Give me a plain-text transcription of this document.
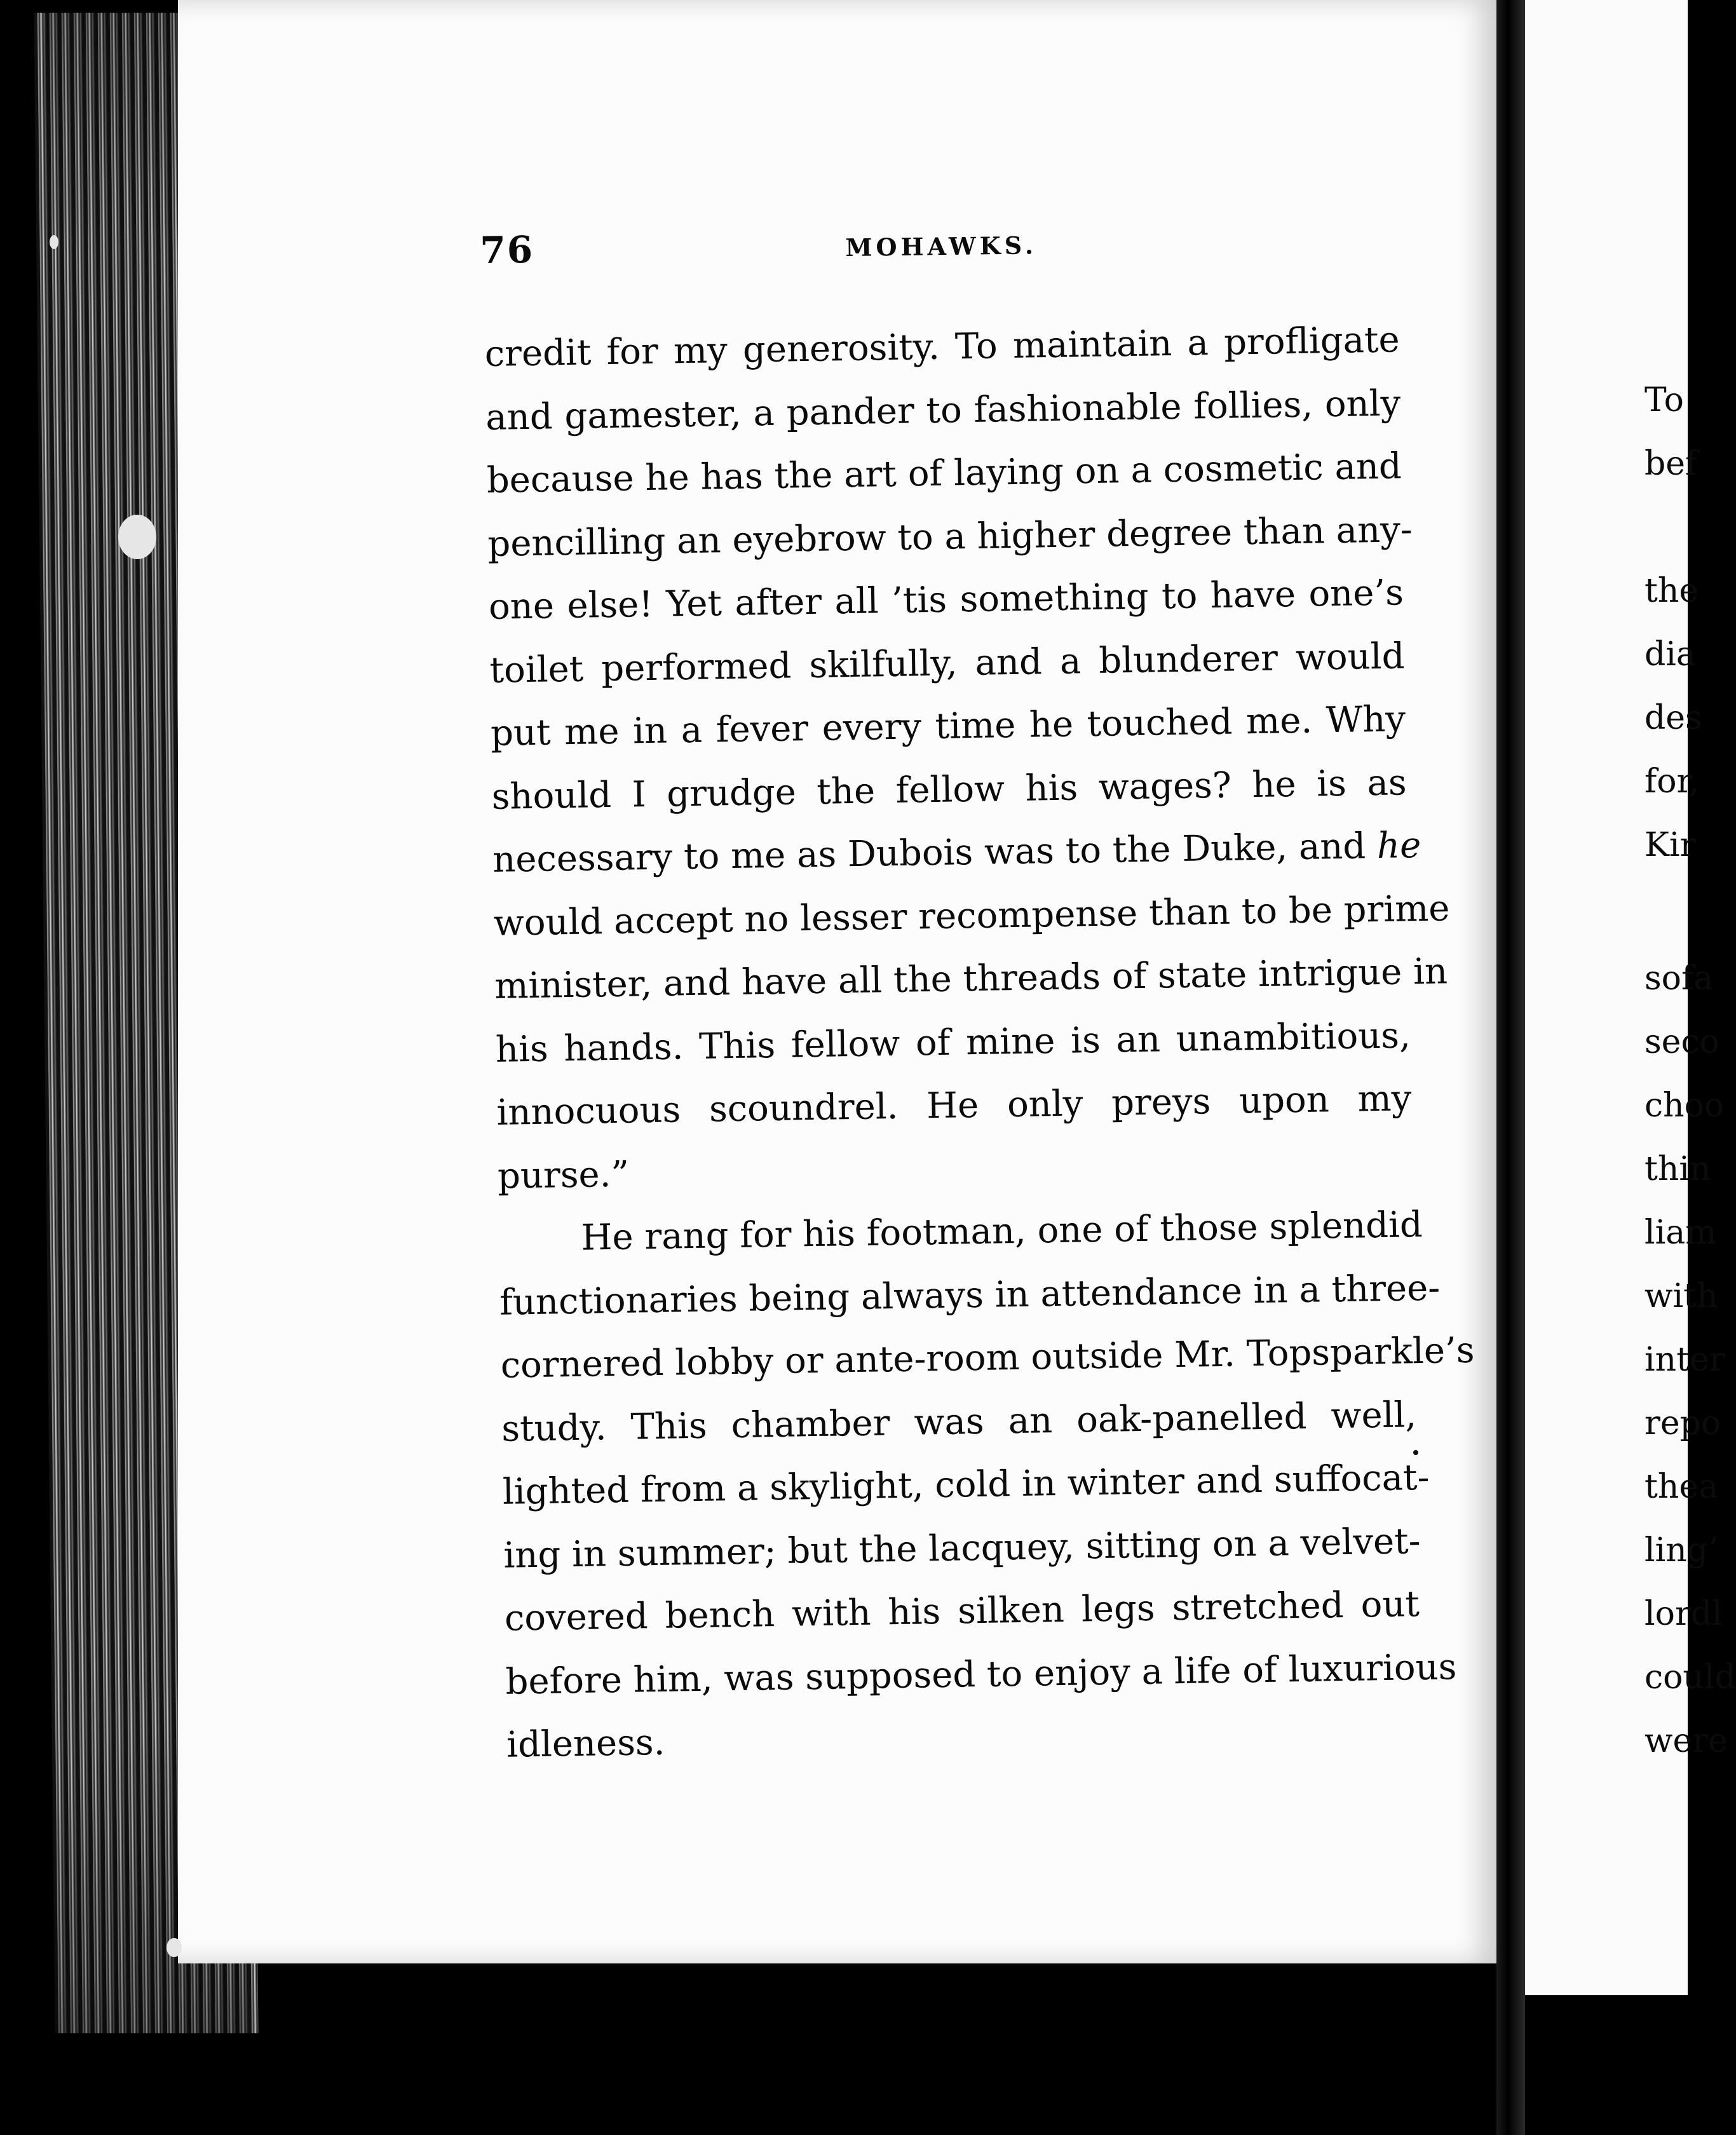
76	MOHAWKS.
credit for my generosity. To maintain a profligate
and gamester, a pander to fashionable follies, only
because he has the art of laying on a cosmetic and
pencilling an eyebrow to a higher degree than any-
one else! Yet after all ’tis something to have one’s
toilet performed skilfully, and a blunderer would
put me in a fever every time he touched me. Why
should I grudge the fellow his wages? he is as
necessary to me as Dubois was to the Duke, and he
would accept no lesser recompense than to be prime
minister, and have all the threads of state intrigue in
his hands. This fellow of mine is an unambitious,
innocuous scoundrel. He only preys upon my
purse.”
He rang for his footman, one of those splendid
functionaries being always in attendance in a three-
cornered lobby or ante-room outside Mr. Topsparkle’s
study. This chamber was an oak-panelled well,
lighted from a skylight, cold in winter and suffocat-
ing in summer; but the lacquey, sitting on a velvet-
covered bench with his silken legs stretched out
before him, was supposed to enjoy a life of luxurious
idleness.
To
bef
the
dia
des
for,
Kir
sofa
seco
choo
thin
liam
with
inter
repo
thea
ling’
lordl
could
were
